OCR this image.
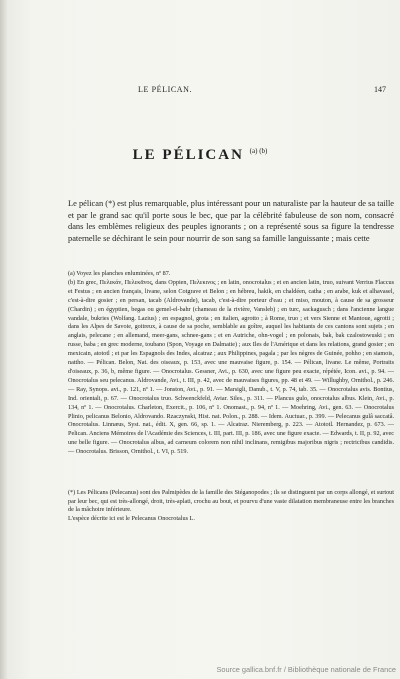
LE PÉLICAN.	147
LE PÉLICAN $^{(a) (b)}$
Le pélican (*) est plus remarquable, plus intéressant pour un naturaliste par la hauteur de sa taille et par le grand sac qu'il porte sous le bec, que par la célébrité fabuleuse de son nom, consacré dans les emblèmes religieux des peuples ignorants ; on a représenté sous sa figure la tendresse paternelle se déchirant le sein pour nourrir de son sang sa famille languissante ; mais cette

(a) Voyez les planches enluminées, nº 87.

(b) En grec, Πελεκάν, Πελεκᾶνος, dans Oppien, Πελεκινος ; en latin, onocrotalus ; et en ancien latin, truo, suivant Verrius Flaccus et Festus ; en ancien français, livane, selon Cotgrave et Belon ; en hébreu, hakik, en chaldéen, catha ; en arabe, kuk et alhavasel, c'est-à-dire gosier ; en persan, tacab (Aldrovande), tacab, c'est-à-dire porteur d'eau ; et miso, mouton, à cause de sa grosseur (Chardin) ; en égyptien, begas ou gemel-el-bahr (chameau de la rivière, Vansleb) ; en turc, sackagusch ; dans l'ancienne langue vandale, bukries (Wolfang. Lazius) ; en espagnol, grota ; en italien, agrotto ; à Rome, truo ; et vers Sienne et Mantoue, agrotti ; dans les Alpes de Savoie, goitreux, à cause de sa poche, semblable au goître, auquel les habitants de ces cantons sont sujets ; en anglais, pelecane ; en allemand, meer-gans, schnee-gans ; et en Autriche, ohn-vogel ; en polonais, bak, bak czalostowuski ; en russe, baba ; en grec moderne, toubano (Spon, Voyage en Dalmatie) ; aux Iles de l'Amérique et dans les relations, grand gosier ; en mexicain, atototl ; et par les Espagnols des Indes, alcatraz ; aux Philippines, pagala ; par les nègres de Guinée, pohho ; en siamois, nattho. — Pélican. Belon, Nat. des oiseaux, p. 153, avec une mauvaise figure, p. 154. — Pélican, livane. Le même, Portraits d'oiseaux, p. 36, b, même figure. — Onocrotalus. Gessner, Avi., p. 630, avec une figure peu exacte, répétée, Icon. avi., p. 94. — Onocrotalus seu pelecanus. Aldrovande, Avi., t. III, p. 42, avec de mauvaises figures, pp. 48 et 49. — Willughby, Ornithol., p. 246. — Ray, Synops. avi., p. 121, nº 1. — Jonston, Avi., p. 91. — Marsigli, Danub., t. V, p. 74, tab. 35. — Onocrotalus avis. Bontius, Ind. orientali, p. 67. — Onocrotalus truo. Schwenckfeld, Aviar. Siles., p. 311. — Plancus gulo, onocrotalus albus. Klein, Avi., p. 134, nº 1. — Onocrotalus. Charleton, Exercit., p. 106, nº 1. Onomast., p. 94, nº 1. — Moehring, Avi., gen. 63. — Onocrotalus Plinio, pelicanus Belonio, Aldrovando. Rzaczynski, Hist. nat. Polon., p. 288. — Idem. Auctuar., p. 399. — Pelecanus gulâ saccatâ. Onocrotalus. Linnæus, Syst. nat., édit. X, gen. 66, sp. 1. — Alcatraz. Nieremberg, p. 223. — Atototl. Hernandez, p. 673. — Pelican. Anciens Mémoires de l'Académie des Sciences, t. III, part. III, p. 186, avec une figure exacte. — Edwards, t. II, p. 92, avec une belle figure. — Onocrotalus albus, ad carneum colorem non nihil inclinans, remigibus majoribus nigris ; rectricibus candidis. — Onocrotalus. Brisson, Ornithol., t. VI, p. 519.

(*) Les Pélicans (Pelecanus) sont des Palmipèdes de la famille des Stéganopodes ; ils se distinguent par un corps allongé, et surtout par leur bec, qui est très-allongé, droit, très-aplati, crochu au bout, et pourvu d'une vaste dilatation membraneuse entre les branches de la mâchoire inférieure.

L'espèce décrite ici est le Pelecanus Onocrotalus L.

Source gallica.bnf.fr / Bibliothèque nationale de France
